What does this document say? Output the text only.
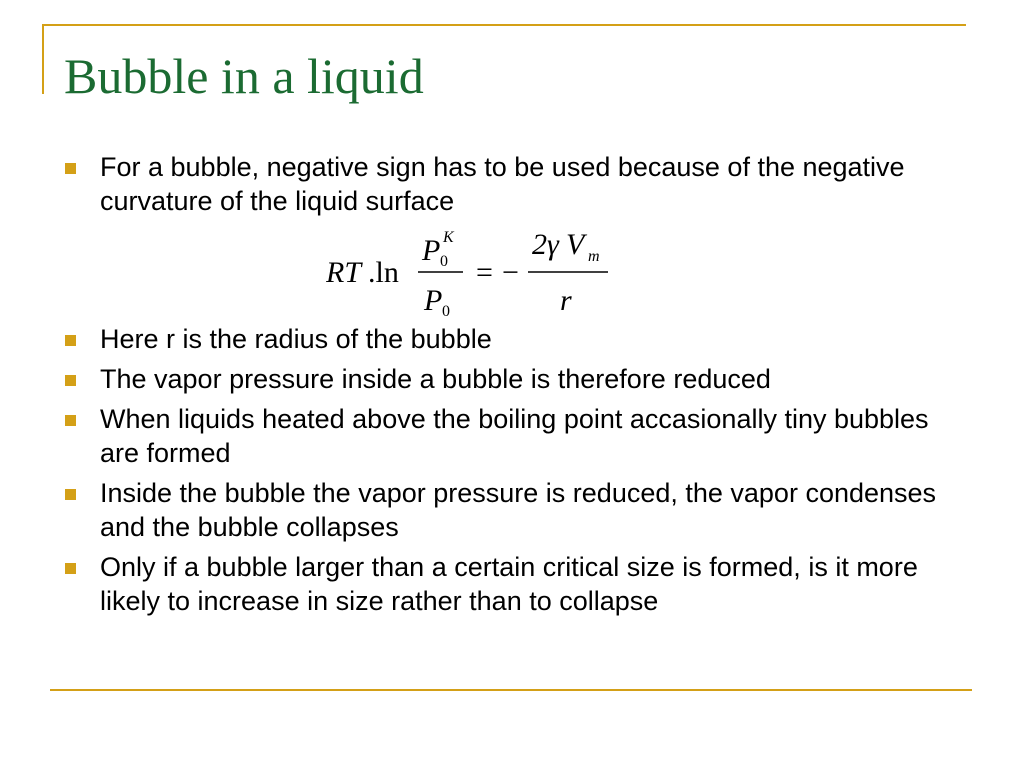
Bubble in a liquid
For a bubble, negative sign has to be used because of the negative curvature of the liquid surface
RT .ln
P 0
K
P 0
= −
2γ V m
r
Here r is the radius of the bubble
The vapor pressure inside a bubble is therefore reduced
When liquids heated above the boiling point accasionally tiny bubbles are formed
Inside the bubble the vapor pressure is reduced, the vapor condenses and the bubble collapses
Only if a bubble larger than a certain critical size is formed, is it more likely to increase in size rather than to collapse
